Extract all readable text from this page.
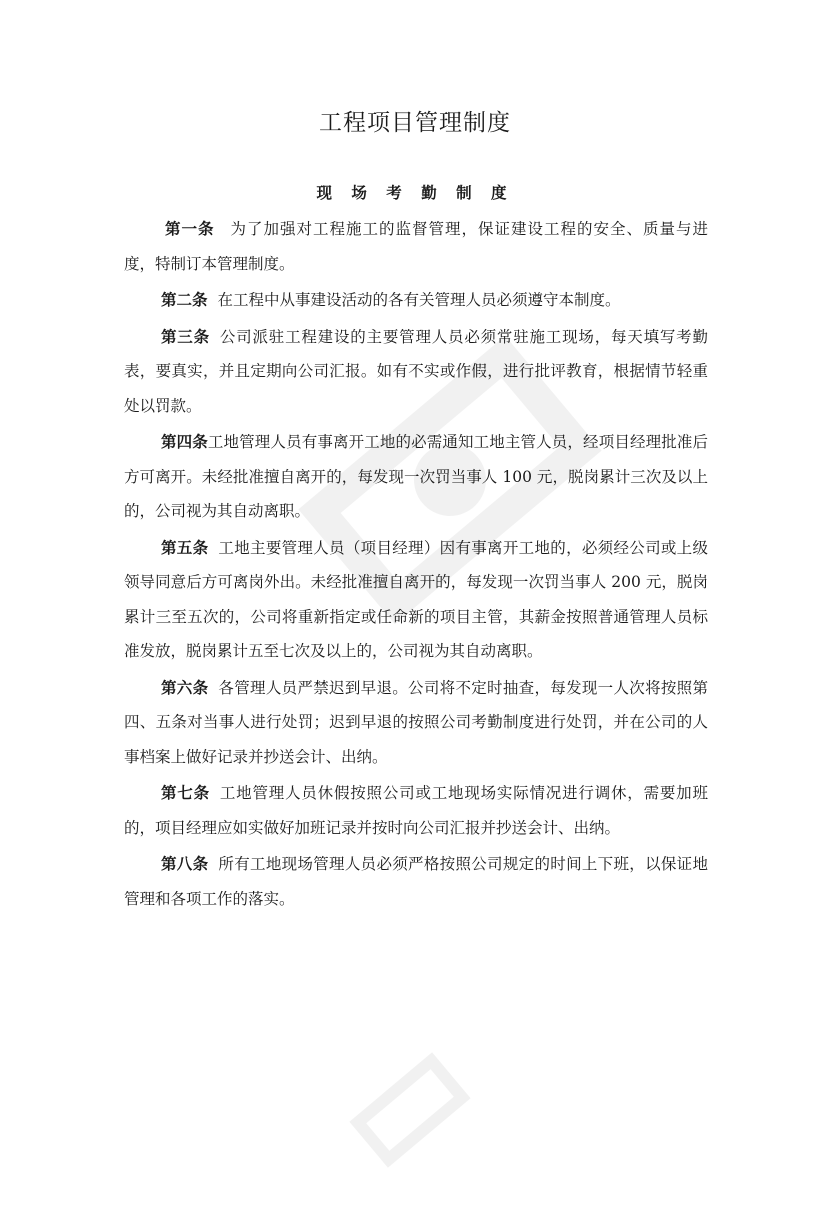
工程项目管理制度
现 场 考 勤 制 度

第一条 为了加强对工程施工的监督管理，保证建设工程的安全、质量与进度，特制订本管理制度。

第二条 在工程中从事建设活动的各有关管理人员必须遵守本制度。

第三条 公司派驻工程建设的主要管理人员必须常驻施工现场，每天填写考勤表，要真实，并且定期向公司汇报。如有不实或作假，进行批评教育，根据情节轻重处以罚款。

第四条工地管理人员有事离开工地的必需通知工地主管人员，经项目经理批准后方可离开。未经批准擅自离开的，每发现一次罚当事人 100 元，脱岗累计三次及以上的，公司视为其自动离职。

第五条 工地主要管理人员（项目经理）因有事离开工地的，必须经公司或上级领导同意后方可离岗外出。未经批准擅自离开的，每发现一次罚当事人 200 元，脱岗累计三至五次的，公司将重新指定或任命新的项目主管，其薪金按照普通管理人员标准发放，脱岗累计五至七次及以上的，公司视为其自动离职。

第六条 各管理人员严禁迟到早退。公司将不定时抽查，每发现一人次将按照第四、五条对当事人进行处罚；迟到早退的按照公司考勤制度进行处罚，并在公司的人事档案上做好记录并抄送会计、出纳。

第七条 工地管理人员休假按照公司或工地现场实际情况进行调休，需要加班的，项目经理应如实做好加班记录并按时向公司汇报并抄送会计、出纳。

第八条 所有工地现场管理人员必须严格按照公司规定的时间上下班，以保证地管理和各项工作的落实。
